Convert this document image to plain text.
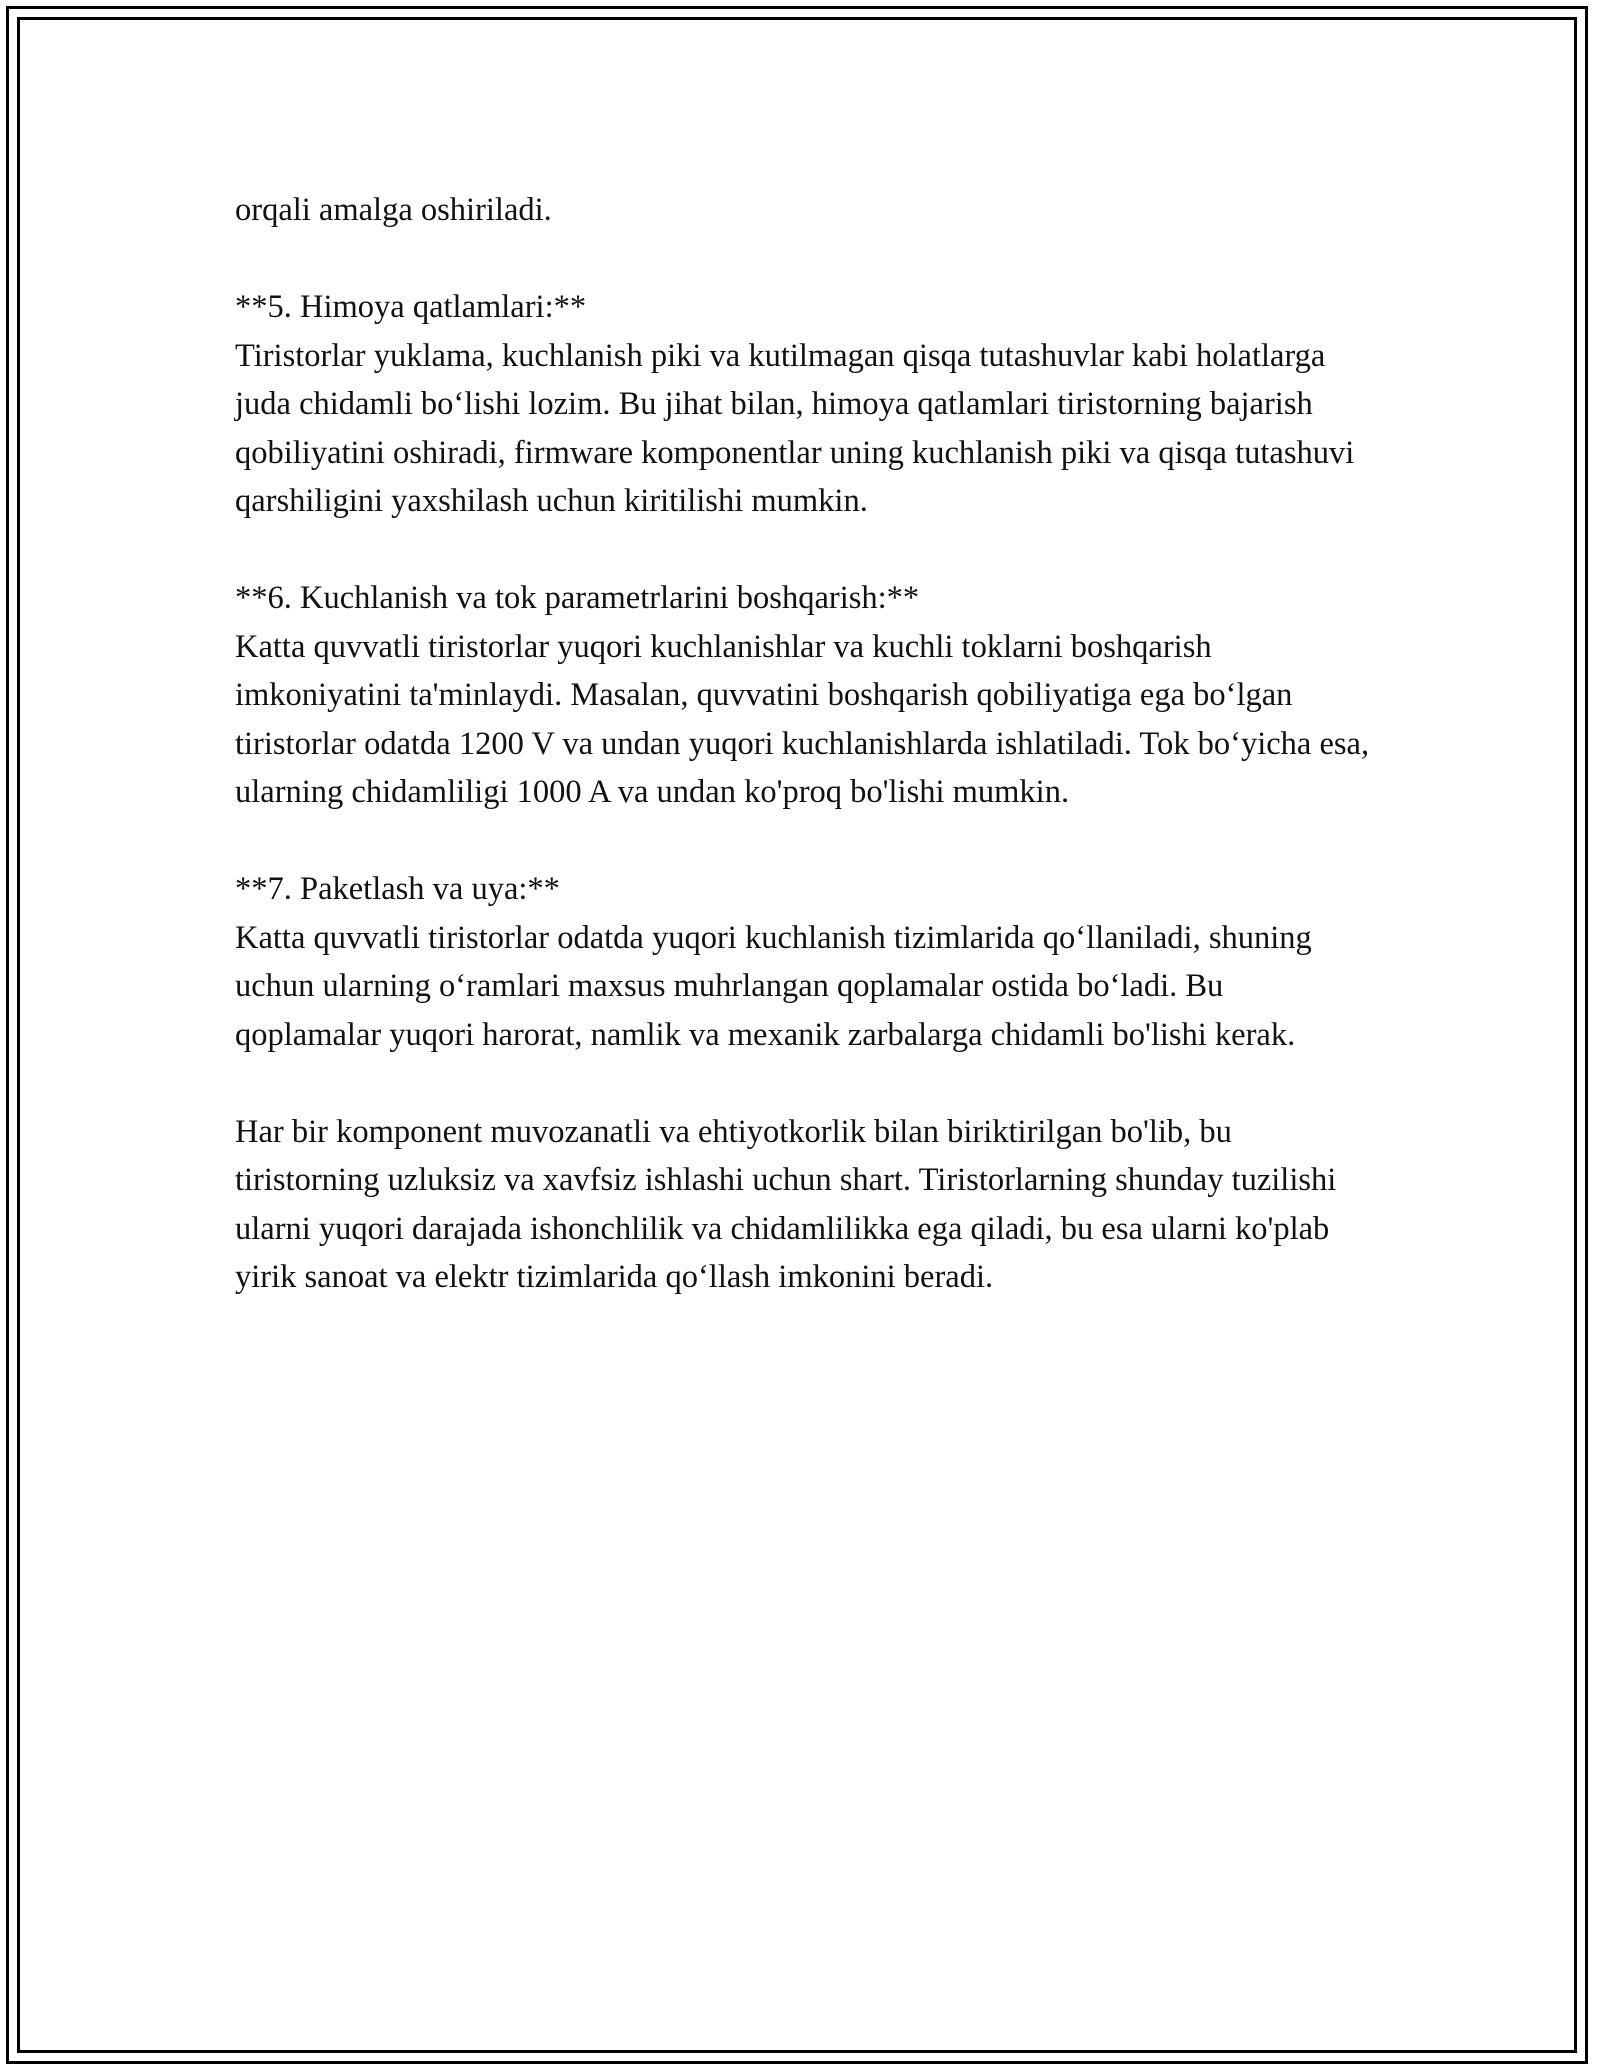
orqali amalga oshiriladi.

**5. Himoya qatlamlari:**
Tiristorlar yuklama, kuchlanish piki va kutilmagan qisqa tutashuvlar kabi holatlarga juda chidamli bo‘lishi lozim. Bu jihat bilan, himoya qatlamlari tiristorning bajarish qobiliyatini oshiradi, firmware komponentlar uning kuchlanish piki va qisqa tutashuvi qarshiligini yaxshilash uchun kiritilishi mumkin.

**6. Kuchlanish va tok parametrlarini boshqarish:**
Katta quvvatli tiristorlar yuqori kuchlanishlar va kuchli toklarni boshqarish imkoniyatini ta'minlaydi. Masalan, quvvatini boshqarish qobiliyatiga ega bo‘lgan tiristorlar odatda 1200 V va undan yuqori kuchlanishlarda ishlatiladi. Tok bo‘yicha esa, ularning chidamliligi 1000 A va undan ko'proq bo'lishi mumkin.

**7. Paketlash va uya:**
Katta quvvatli tiristorlar odatda yuqori kuchlanish tizimlarida qo‘llaniladi, shuning uchun ularning o‘ramlari maxsus muhrlangan qoplamalar ostida bo‘ladi. Bu qoplamalar yuqori harorat, namlik va mexanik zarbalarga chidamli bo'lishi kerak.

Har bir komponent muvozanatli va ehtiyotkorlik bilan biriktirilgan bo'lib, bu tiristorning uzluksiz va xavfsiz ishlashi uchun shart. Tiristorlarning shunday tuzilishi ularni yuqori darajada ishonchlilik va chidamlilikka ega qiladi, bu esa ularni ko'plab yirik sanoat va elektr tizimlarida qo‘llash imkonini beradi.
